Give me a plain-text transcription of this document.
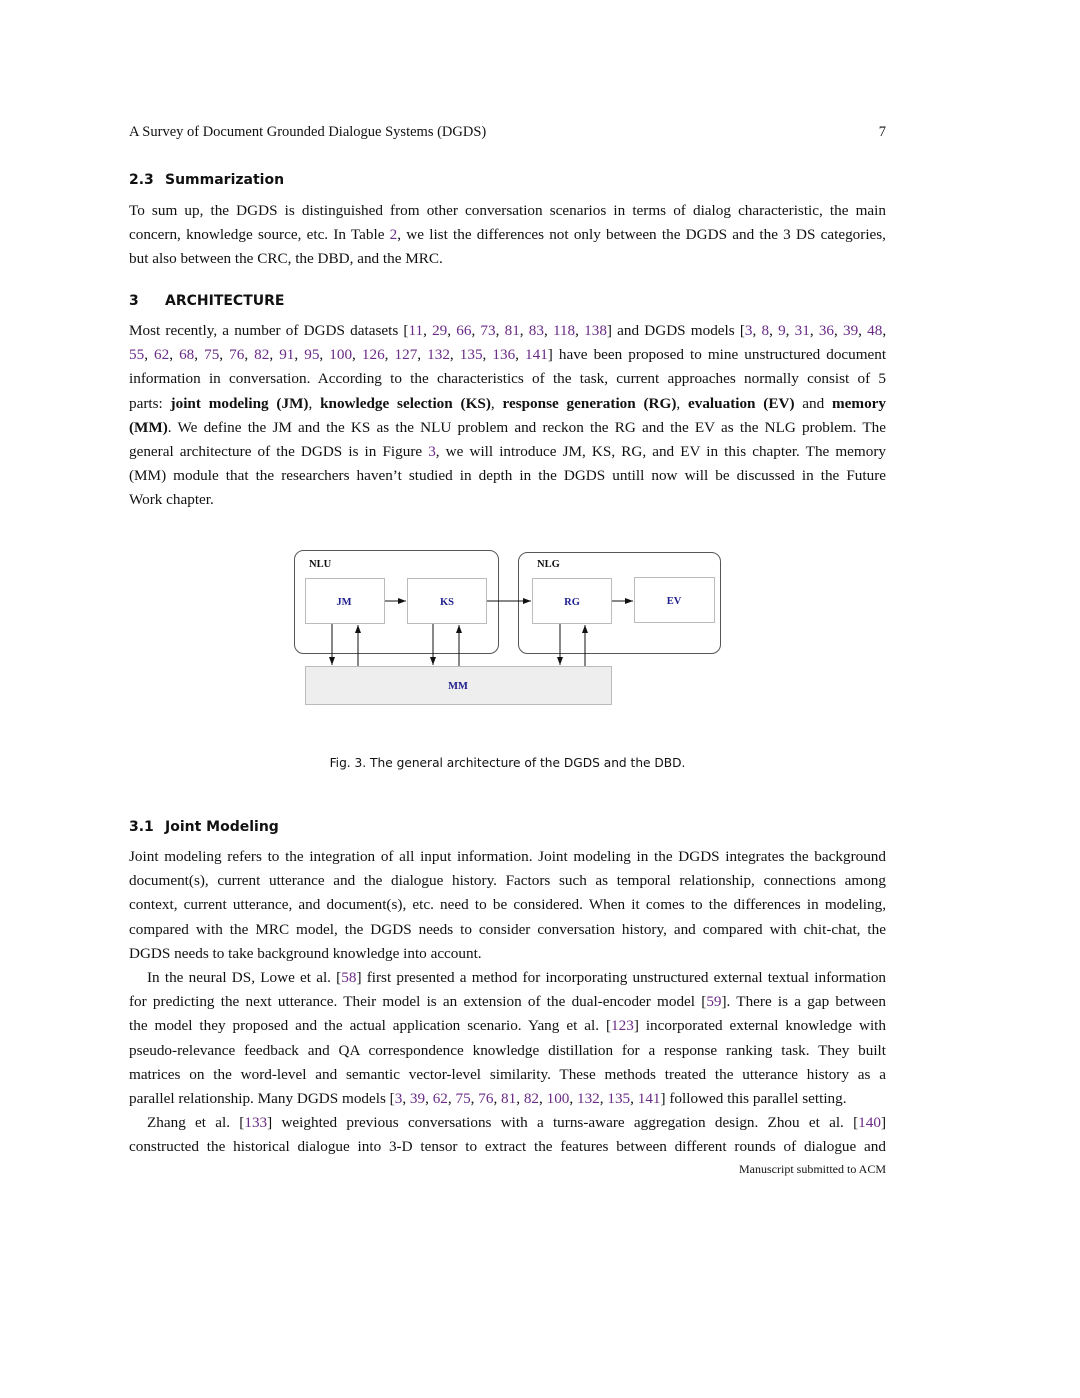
A Survey of Document Grounded Dialogue Systems (DGDS)	7
2.3 Summarization
To sum up, the DGDS is distinguished from other conversation scenarios in terms of dialog characteristic, the main
concern, knowledge source, etc. In Table 2, we list the differences not only between the DGDS and the 3 DS categories,
but also between the CRC, the DBD, and the MRC.
3 ARCHITECTURE
Most recently, a number of DGDS datasets [11, 29, 66, 73, 81, 83, 118, 138] and DGDS models [3, 8, 9, 31, 36, 39, 48,
55, 62, 68, 75, 76, 82, 91, 95, 100, 126, 127, 132, 135, 136, 141] have been proposed to mine unstructured document
information in conversation. According to the characteristics of the task, current approaches normally consist of 5
parts: joint modeling (JM), knowledge selection (KS), response generation (RG), evaluation (EV) and memory
(MM). We define the JM and the KS as the NLU problem and reckon the RG and the EV as the NLG problem. The
general architecture of the DGDS is in Figure 3, we will introduce JM, KS, RG, and EV in this chapter. The memory
(MM) module that the researchers haven’t studied in depth in the DGDS untill now will be discussed in the Future
Work chapter.
NLU	NLG
JM	KS	RG	EV
MM
Fig. 3. The general architecture of the DGDS and the DBD.
3.1 Joint Modeling
Joint modeling refers to the integration of all input information. Joint modeling in the DGDS integrates the background
document(s), current utterance and the dialogue history. Factors such as temporal relationship, connections among
context, current utterance, and document(s), etc. need to be considered. When it comes to the differences in modeling,
compared with the MRC model, the DGDS needs to consider conversation history, and compared with chit-chat, the
DGDS needs to take background knowledge into account.
In the neural DS, Lowe et al. [58] first presented a method for incorporating unstructured external textual information
for predicting the next utterance. Their model is an extension of the dual-encoder model [59]. There is a gap between
the model they proposed and the actual application scenario. Yang et al. [123] incorporated external knowledge with
pseudo-relevance feedback and QA correspondence knowledge distillation for a response ranking task. They built
matrices on the word-level and semantic vector-level similarity. These methods treated the utterance history as a
parallel relationship. Many DGDS models [3, 39, 62, 75, 76, 81, 82, 100, 132, 135, 141] followed this parallel setting.
Zhang et al. [133] weighted previous conversations with a turns-aware aggregation design. Zhou et al. [140]
constructed the historical dialogue into 3-D tensor to extract the features between different rounds of dialogue and
Manuscript submitted to ACM
